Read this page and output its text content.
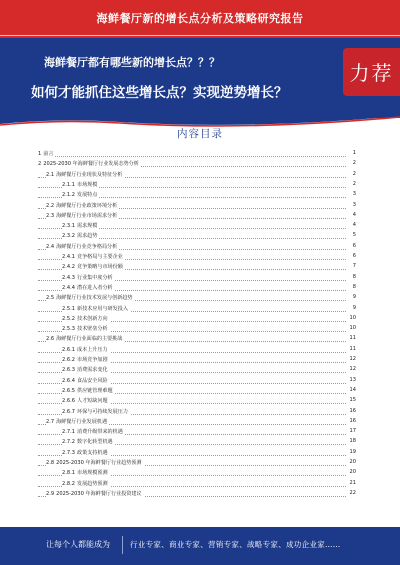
海鲜餐厅新的增长点分析及策略研究报告
海鲜餐厅都有哪些新的增长点？？？
如何才能抓住这些增长点？实现逆势增长？
力荐
内容目录
1 前言	1
2 2025-2030 年海鲜餐厅行业发展态势分析	2
2.1 海鲜餐厅行业现状及特征分析	2
2.1.1 市场规模	2
2.1.2 发展特点	3
2.2 海鲜餐厅行业政策环境分析	3
2.3 海鲜餐厅行业市场需求分析	4
2.3.1 需求规模	4
2.3.2 需求趋势	5
2.4 海鲜餐厅行业竞争格局分析	6
2.4.1 竞争格局与主要企业	6
2.4.2 竞争策略与市场份额	7
2.4.3 行业集中度分析	8
2.4.4 潜在进入者分析	8
2.5 海鲜餐厅行业技术发展与创新趋势	9
2.5.1 新技术应用与研发投入	9
2.5.2 技术创新方向	10
2.5.3 技术壁垒分析	10
2.6 海鲜餐厅行业面临的主要挑战	11
2.6.1 成本上升压力	11
2.6.2 市场竞争加剧	12
2.6.3 消费需求变化	12
2.6.4 食品安全风险	13
2.6.5 供应链管理难题	14
2.6.6 人才短缺问题	15
2.6.7 环保与可持续发展压力	16
2.7 海鲜餐厅行业发展机遇	16
2.7.1 消费升级带来的机遇	17
2.7.2 数字化转型机遇	18
2.7.3 政策支持机遇	19
2.8 2025-2030 年海鲜餐厅行业趋势预测	20
2.8.1 市场规模预测	20
2.8.2 发展趋势预测	21
2.9 2025-2030 年海鲜餐厅行业投资建议	22
让每个人都能成为	行业专家、商业专家、营销专家、战略专家、成功企业家……
